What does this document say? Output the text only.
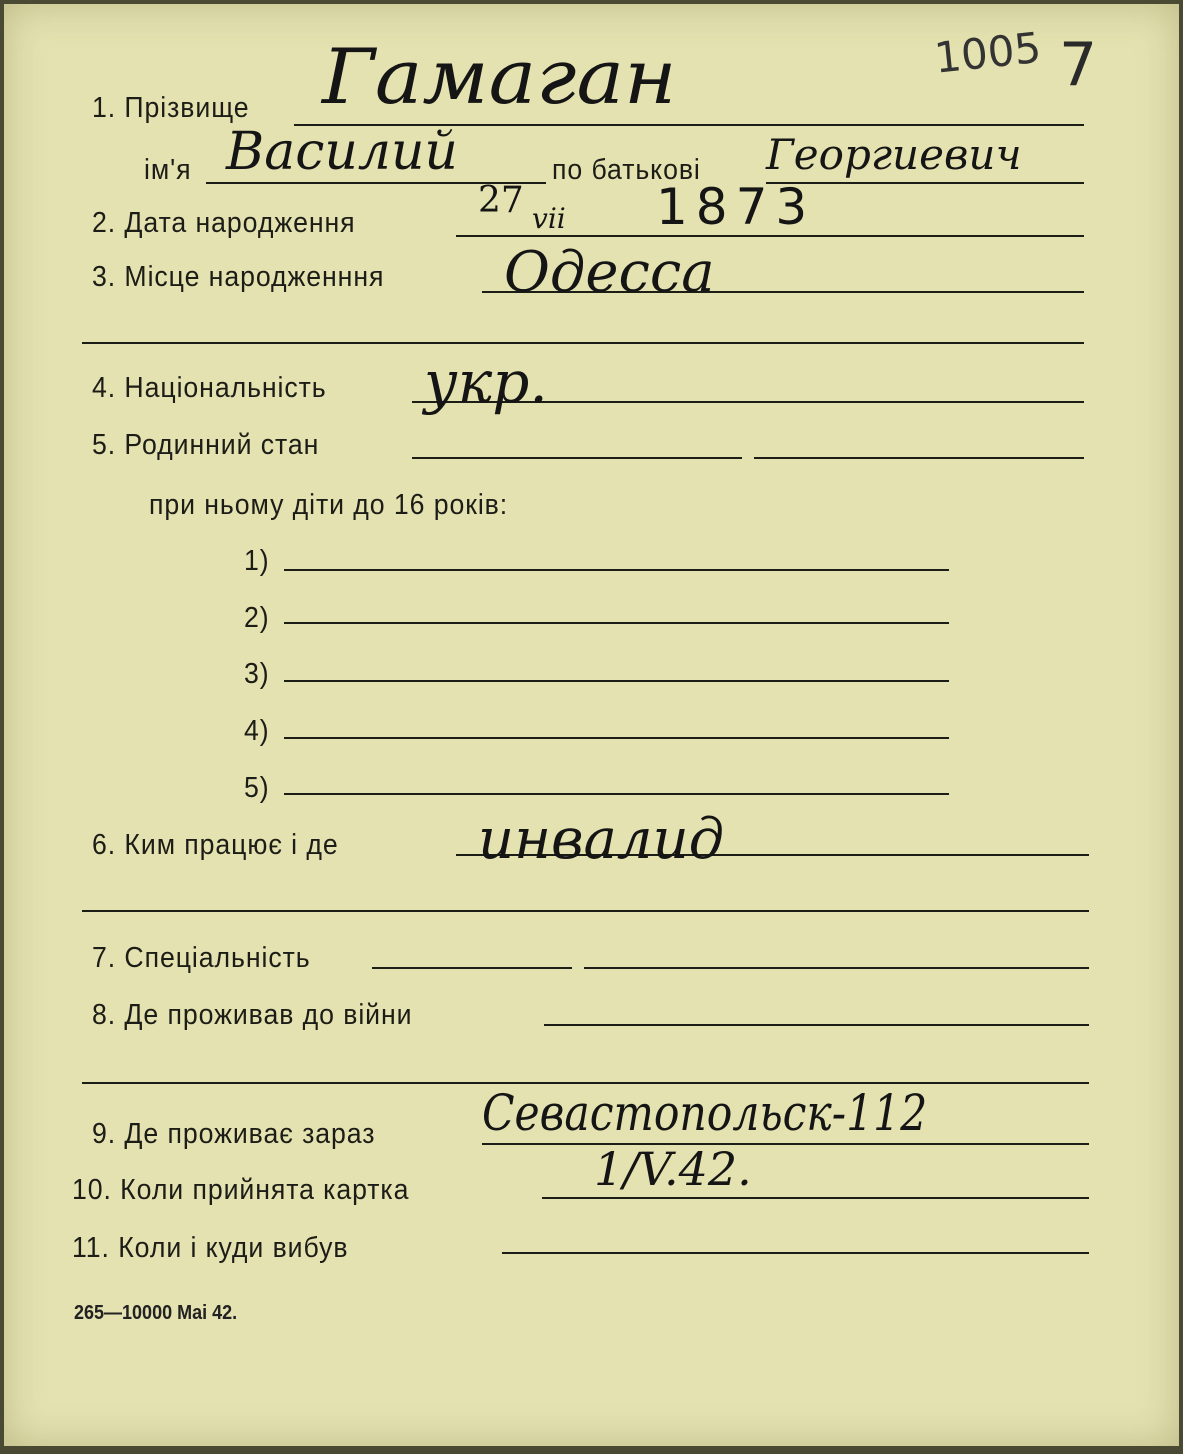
1005 7
1. Прізвище Гамаган
ім'я Василий	по батькові Георгиевич
2. Дата народження
27 vii 1873
3. Місце народженння Одесса
4. Національність укр.
5. Родинний стан
при ньому діти до 16 років:
1)
2)
3)
4)
5)
6. Ким працює і де инвалид
7. Спеціальність
8. Де проживав до війни
9. Де проживає зараз Севастопольск-112
10. Коли прийнята картка	1/V.42.
11. Коли і куди вибув
265—10000 Mai 42.
